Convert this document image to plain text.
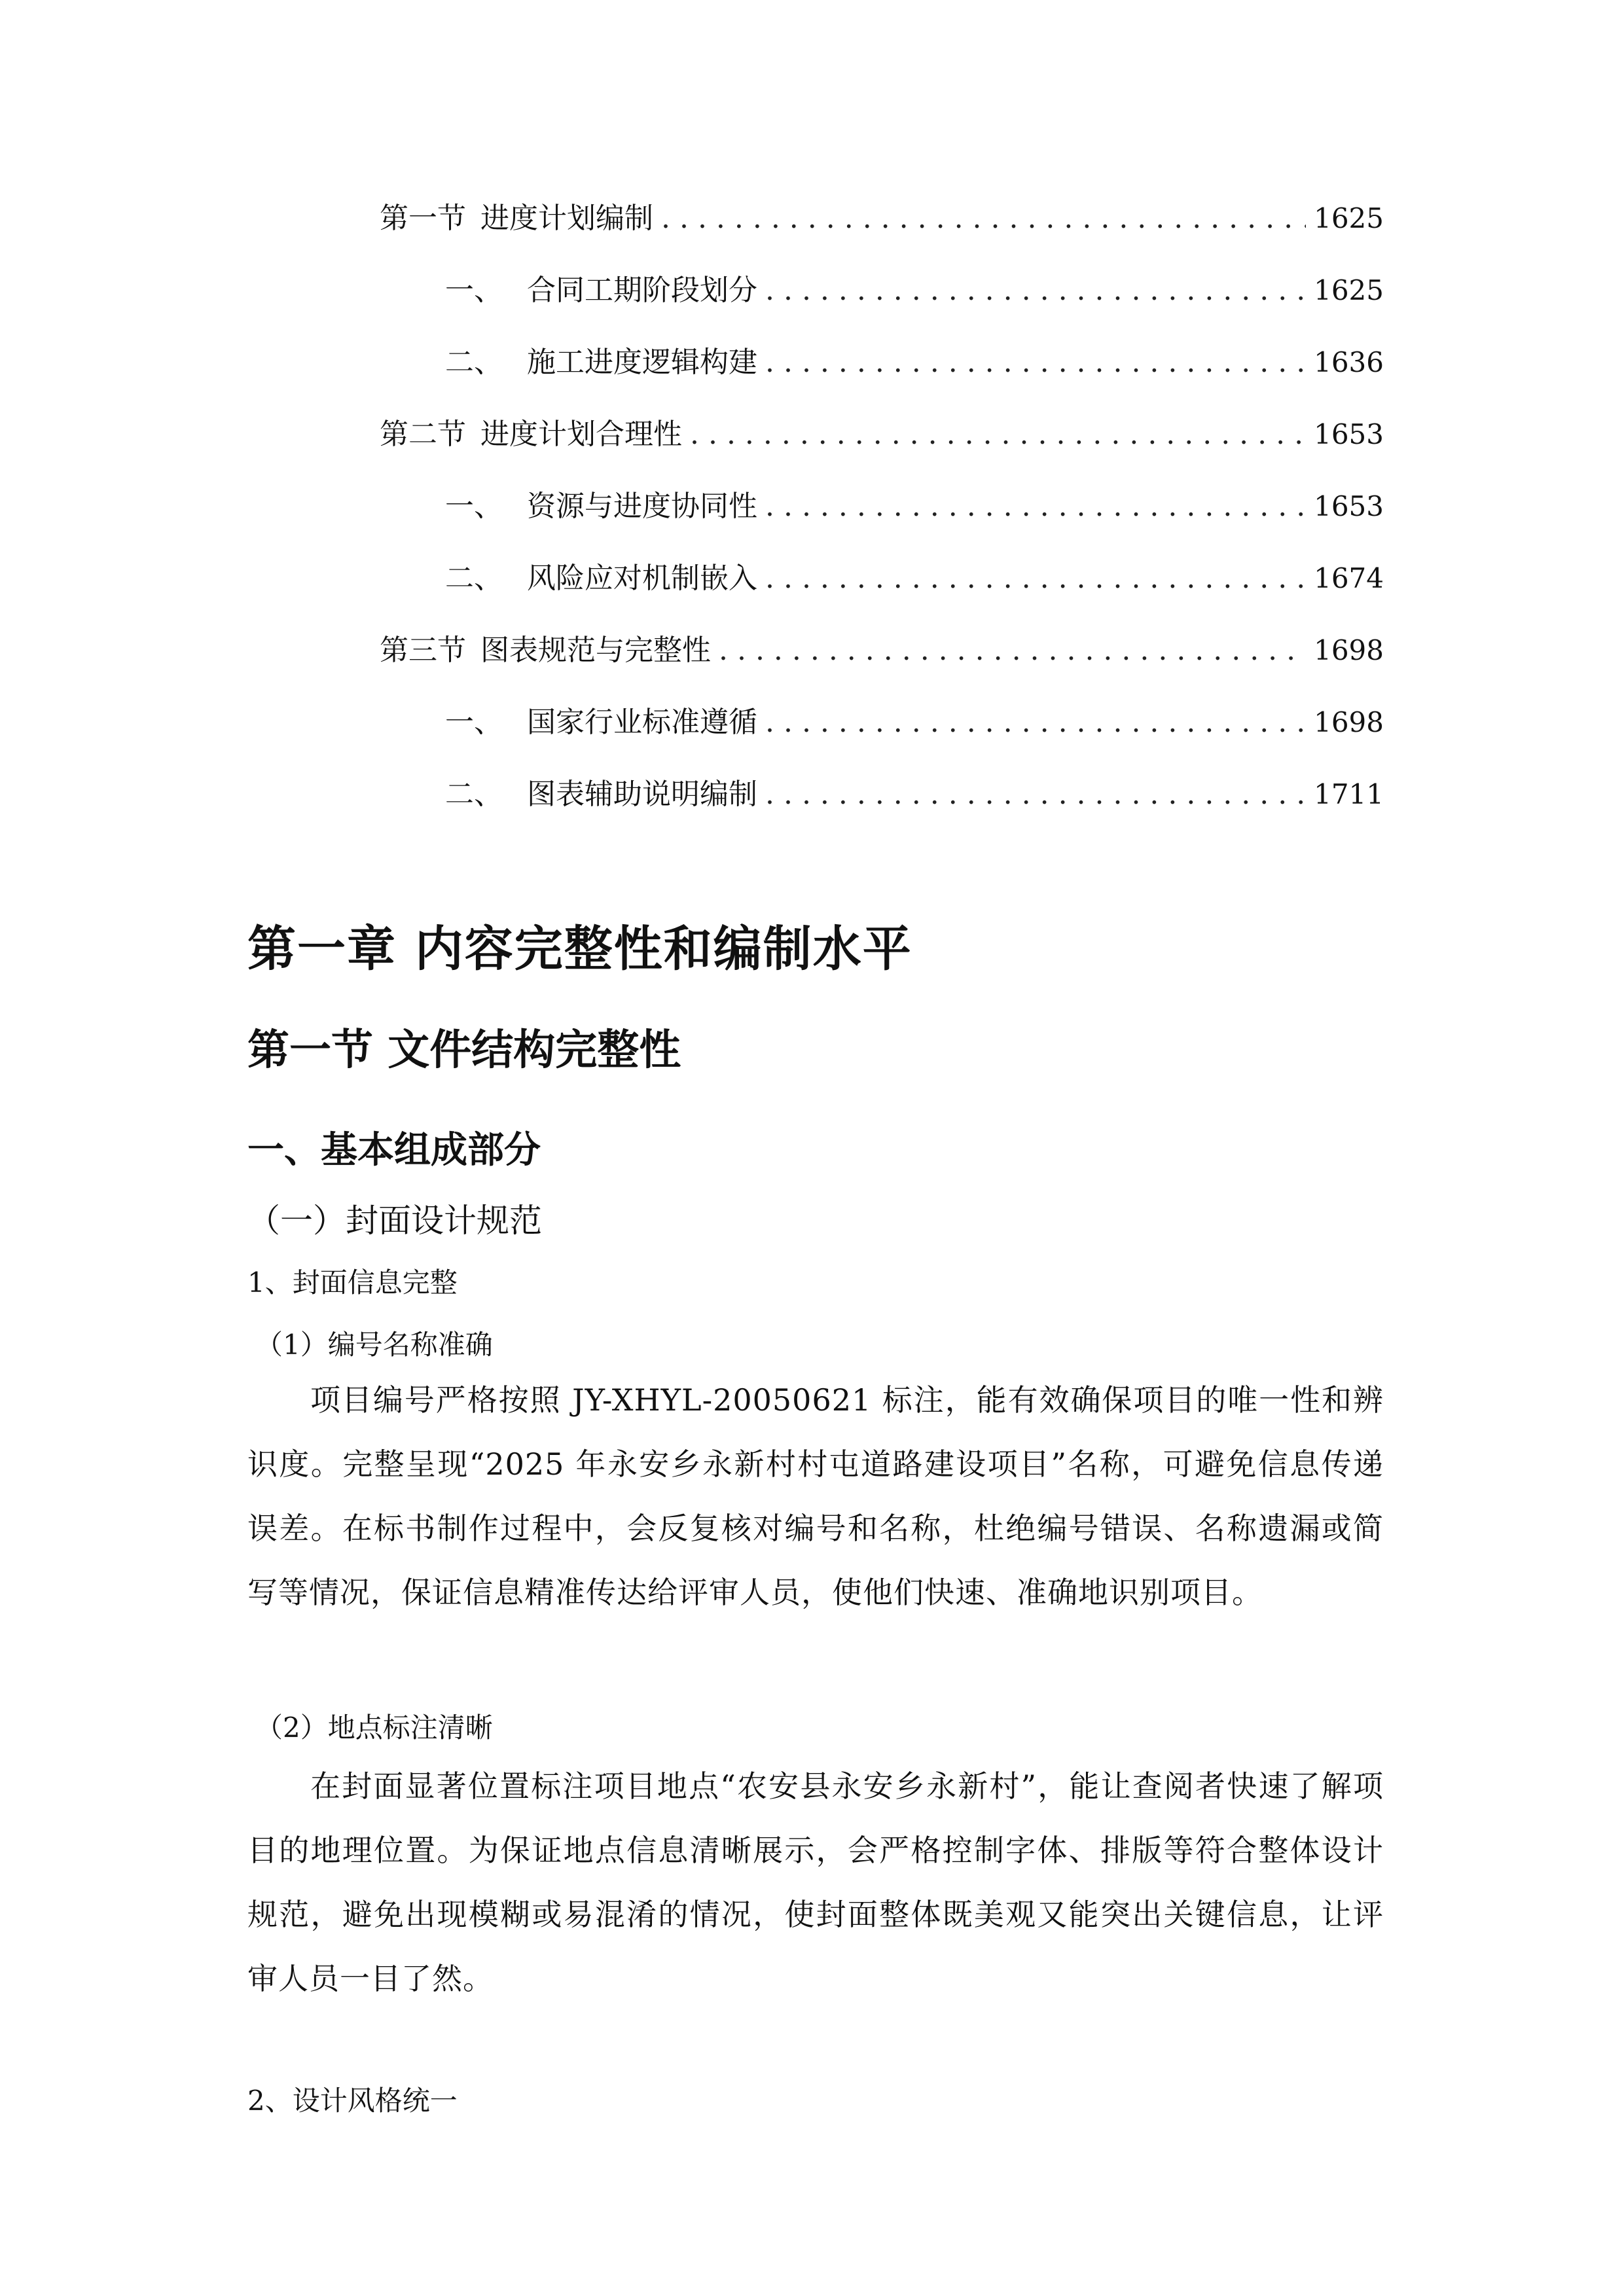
第一节 进度计划编制 . . .	1625
一、 合同工期阶段划分 . . .	1625
二、 施工进度逻辑构建 . . .	1636
第二节 进度计划合理性 . . .	1653
一、 资源与进度协同性 . . .	1653
二、 风险应对机制嵌入 . . .	1674
第三节 图表规范与完整性 . . .	1698
一、 国家行业标准遵循 . . .	1698
二、 图表辅助说明编制 . . .	1711
第一章 内容完整性和编制水平
第一节 文件结构完整性
一、基本组成部分
（一）封面设计规范
1、封面信息完整
（1）编号名称准确

项目编号严格按照 JY-XHYL-20050621 标注，能有效确保项目的唯一性和辨识度。完整呈现“2025 年永安乡永新村村屯道路建设项目”名称，可避免信息传递误差。在标书制作过程中，会反复核对编号和名称，杜绝编号错误、名称遗漏或简写等情况，保证信息精准传达给评审人员，使他们快速、准确地识别项目。

（2）地点标注清晰

在封面显著位置标注项目地点“农安县永安乡永新村”，能让查阅者快速了解项目的地理位置。为保证地点信息清晰展示，会严格控制字体、排版等符合整体设计规范，避免出现模糊或易混淆的情况，使封面整体既美观又能突出关键信息，让评审人员一目了然。

2、设计风格统一
